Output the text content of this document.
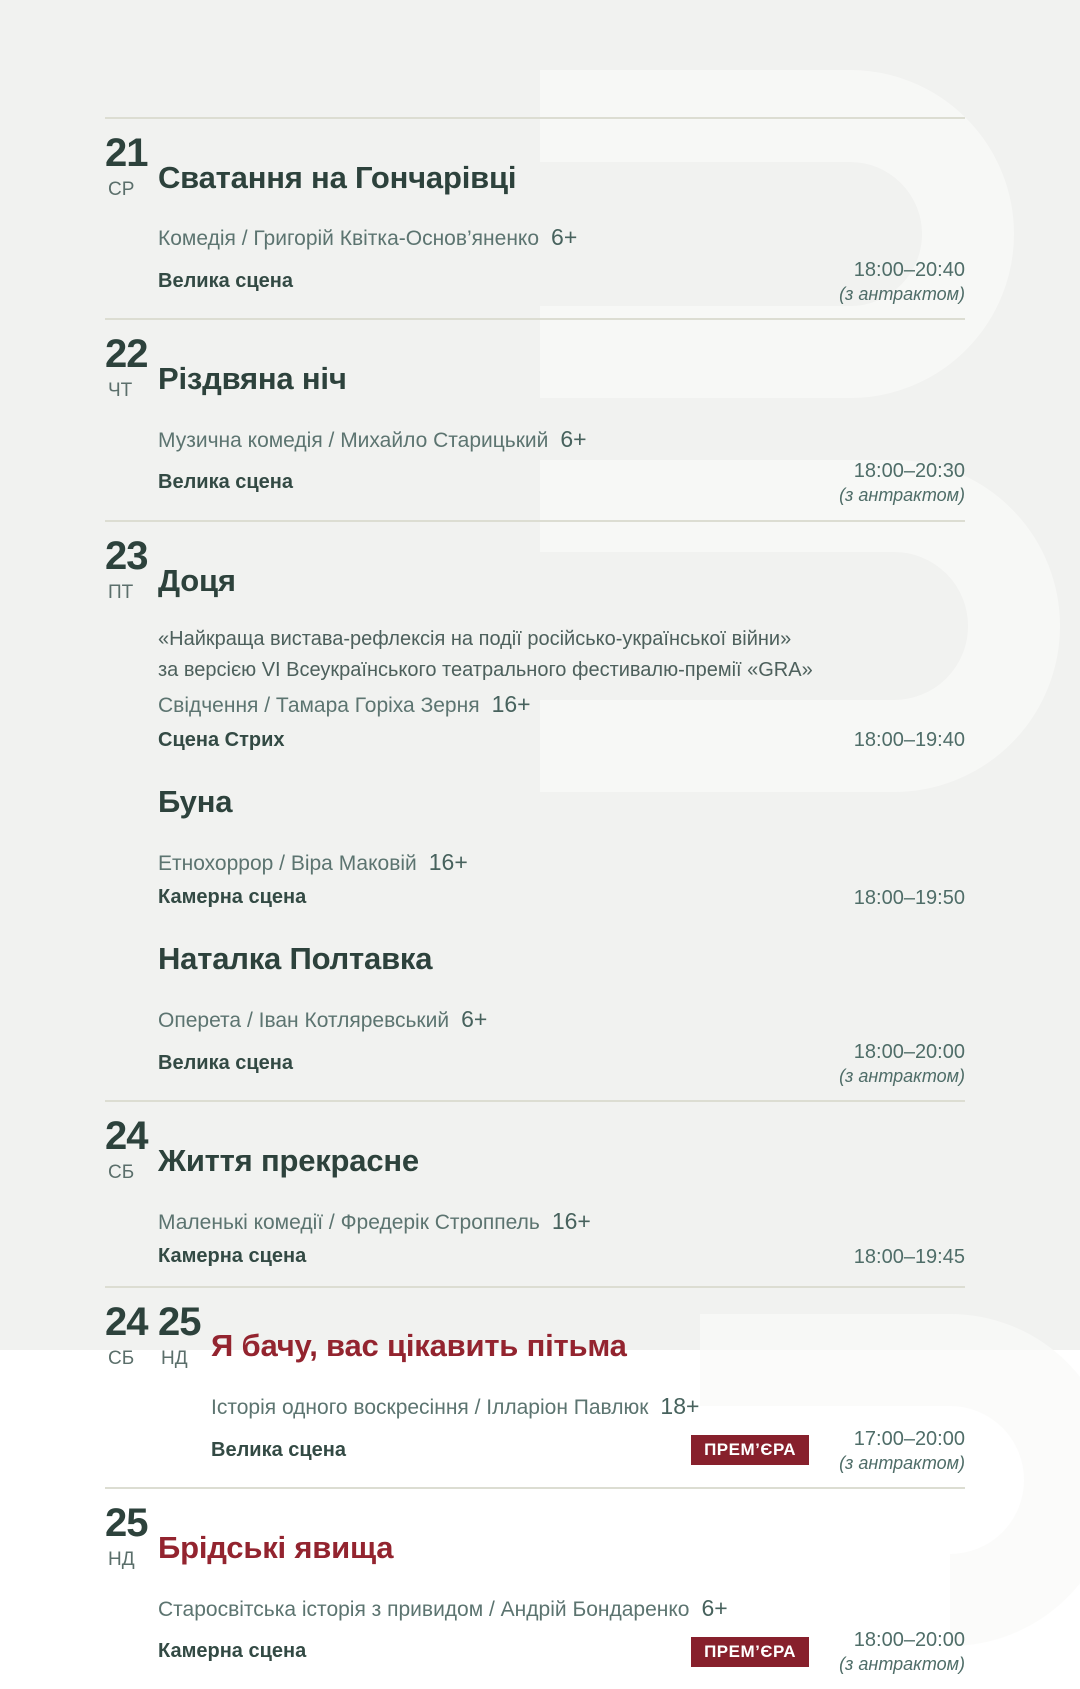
21
СР Сватання на Гончарівці
Комедія / Григорій Квітка-Основ’яненко 6+
Велика сцена	18:00–20:40
(з антрактом)
22
ЧТ Різдвяна ніч
Музична комедія / Михайло Старицький 6+
Велика сцена	18:00–20:30
(з антрактом)
23
ПТ Доця
«Найкраща вистава-рефлексія на події російсько-української війни»
за версією VI Всеукраїнського театрального фестивалю-премії «GRA»
Свідчення / Тамара Горіха Зерня 16+
Сцена Стрих	18:00–19:40
Буна
Етнохоррор / Віра Маковій 16+
Камерна сцена	18:00–19:50
Наталка Полтавка
Оперета / Іван Котляревський 6+
Велика сцена	18:00–20:00
(з антрактом)
24
СБ Життя прекрасне
Маленькі комедії / Фредерік Строппель 16+
Камерна сцена	18:00–19:45
24
СБ
25
НД Я бачу, вас цікавить пітьма
Історія одного воскресіння / Ілларіон Павлюк 18+
Велика сцена	ПРЕМ’ЄРА	17:00–20:00
(з антрактом)
25
НД Брідські явища
Старосвітська історія з привидом / Андрій Бондаренко 6+
Камерна сцена	ПРЕМ’ЄРА	18:00–20:00
(з антрактом)
